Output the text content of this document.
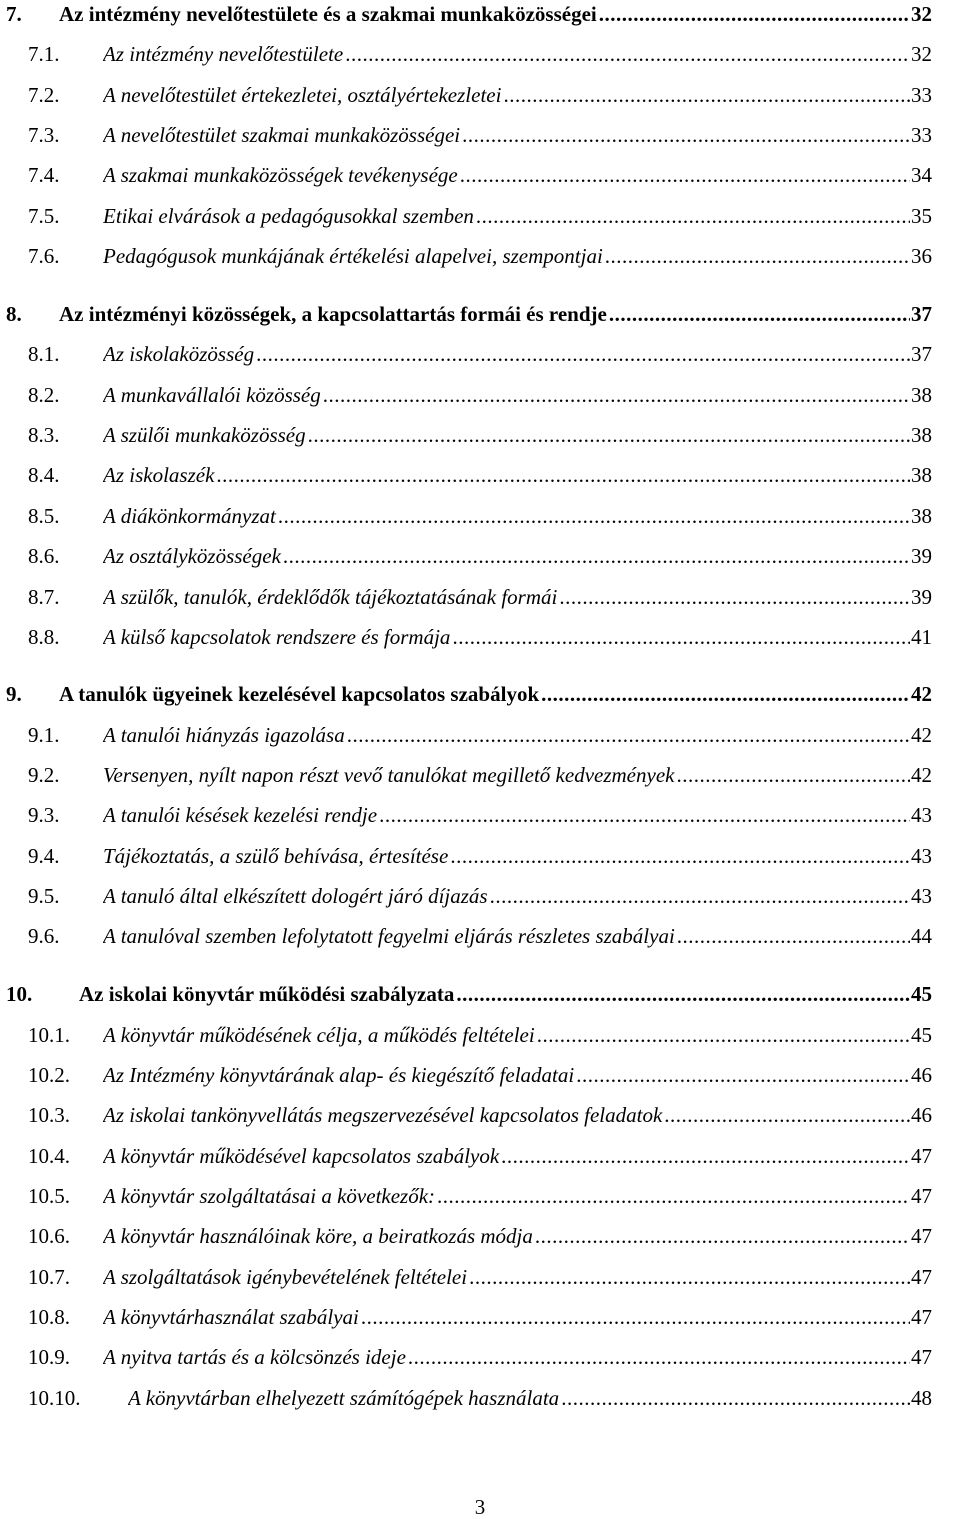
7. Az intézmény nevelőtestülete és a szakmai munkaközösségei .....	32
7.1. Az intézmény nevelőtestülete .....	32
7.2. A nevelőtestület értekezletei, osztályértekezletei .....	33
7.3. A nevelőtestület szakmai munkaközösségei .....	33
7.4. A szakmai munkaközösségek tevékenysége .....	34
7.5. Etikai elvárások a pedagógusokkal szemben .....	35
7.6. Pedagógusok munkájának értékelési alapelvei, szempontjai .....	36
8. Az intézményi közösségek, a kapcsolattartás formái és rendje .....	37
8.1. Az iskolaközösség .....	37
8.2. A munkavállalói közösség .....	38
8.3. A szülői munkaközösség .....	38
8.4. Az iskolaszék .....	38
8.5. A diákönkormányzat .....	38
8.6. Az osztályközösségek .....	39
8.7. A szülők, tanulók, érdeklődők tájékoztatásának formái .....	39
8.8. A külső kapcsolatok rendszere és formája .....	41
9. A tanulók ügyeinek kezelésével kapcsolatos szabályok .....	42
9.1. A tanulói hiányzás igazolása .....	42
9.2. Versenyen, nyílt napon részt vevő tanulókat megillető kedvezmények .....	42
9.3. A tanulói késések kezelési rendje .....	43
9.4. Tájékoztatás, a szülő behívása, értesítése .....	43
9.5. A tanuló által elkészített dologért járó díjazás .....	43
9.6. A tanulóval szemben lefolytatott fegyelmi eljárás részletes szabályai .....	44
10. Az iskolai könyvtár működési szabályzata .....	45
10.1. A könyvtár működésének célja, a működés feltételei .....	45
10.2. Az Intézmény könyvtárának alap- és kiegészítő feladatai .....	46
10.3. Az iskolai tankönyvellátás megszervezésével kapcsolatos feladatok .....	46
10.4. A könyvtár működésével kapcsolatos szabályok .....	47
10.5. A könyvtár szolgáltatásai a következők: .....	47
10.6. A könyvtár használóinak köre, a beiratkozás módja .....	47
10.7. A szolgáltatások igénybevételének feltételei .....	47
10.8. A könyvtárhasználat szabályai .....	47
10.9. A nyitva tartás és a kölcsönzés ideje .....	47
10.10. A könyvtárban elhelyezett számítógépek használata .....	48
3
